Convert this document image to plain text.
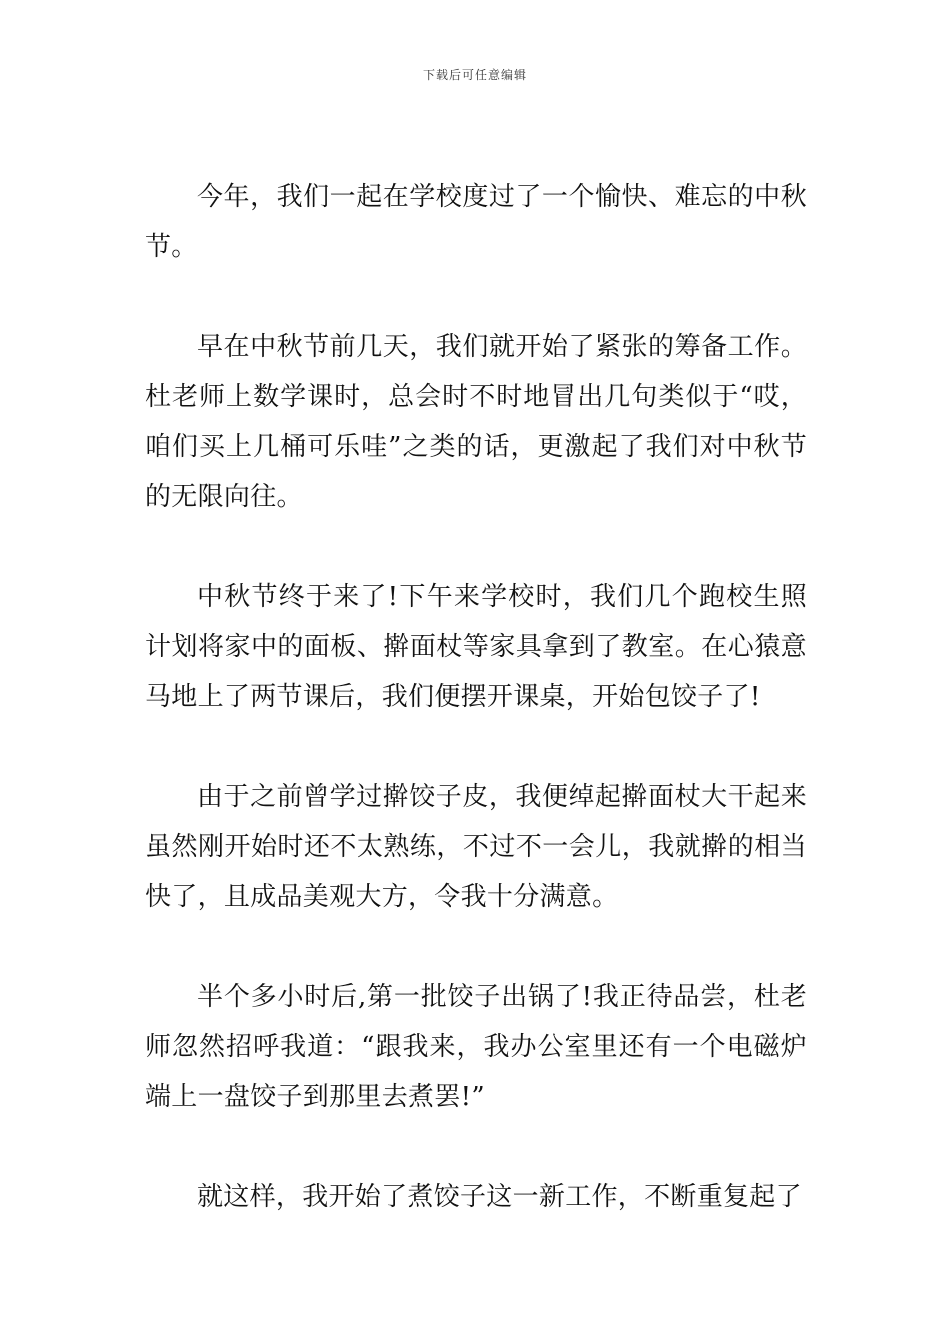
下载后可任意编辑

今年，我们一起在学校度过了一个愉快、难忘的中秋节。

早在中秋节前几天，我们就开始了紧张的筹备工作。杜老师上数学课时，总会时不时地冒出几句类似于“哎，咱们买上几桶可乐哇”之类的话，更激起了我们对中秋节的无限向往。

中秋节终于来了!下午来学校时，我们几个跑校生照计划将家中的面板、擀面杖等家具拿到了教室。在心猿意马地上了两节课后，我们便摆开课桌，开始包饺子了!

由于之前曾学过擀饺子皮，我便绰起擀面杖大干起来虽然刚开始时还不太熟练，不过不一会儿，我就擀的相当快了，且成品美观大方，令我十分满意。

半个多小时后,第一批饺子出锅了!我正待品尝，杜老师忽然招呼我道：“跟我来，我办公室里还有一个电磁炉端上一盘饺子到那里去煮罢!”

就这样，我开始了煮饺子这一新工作，不断重复起了
